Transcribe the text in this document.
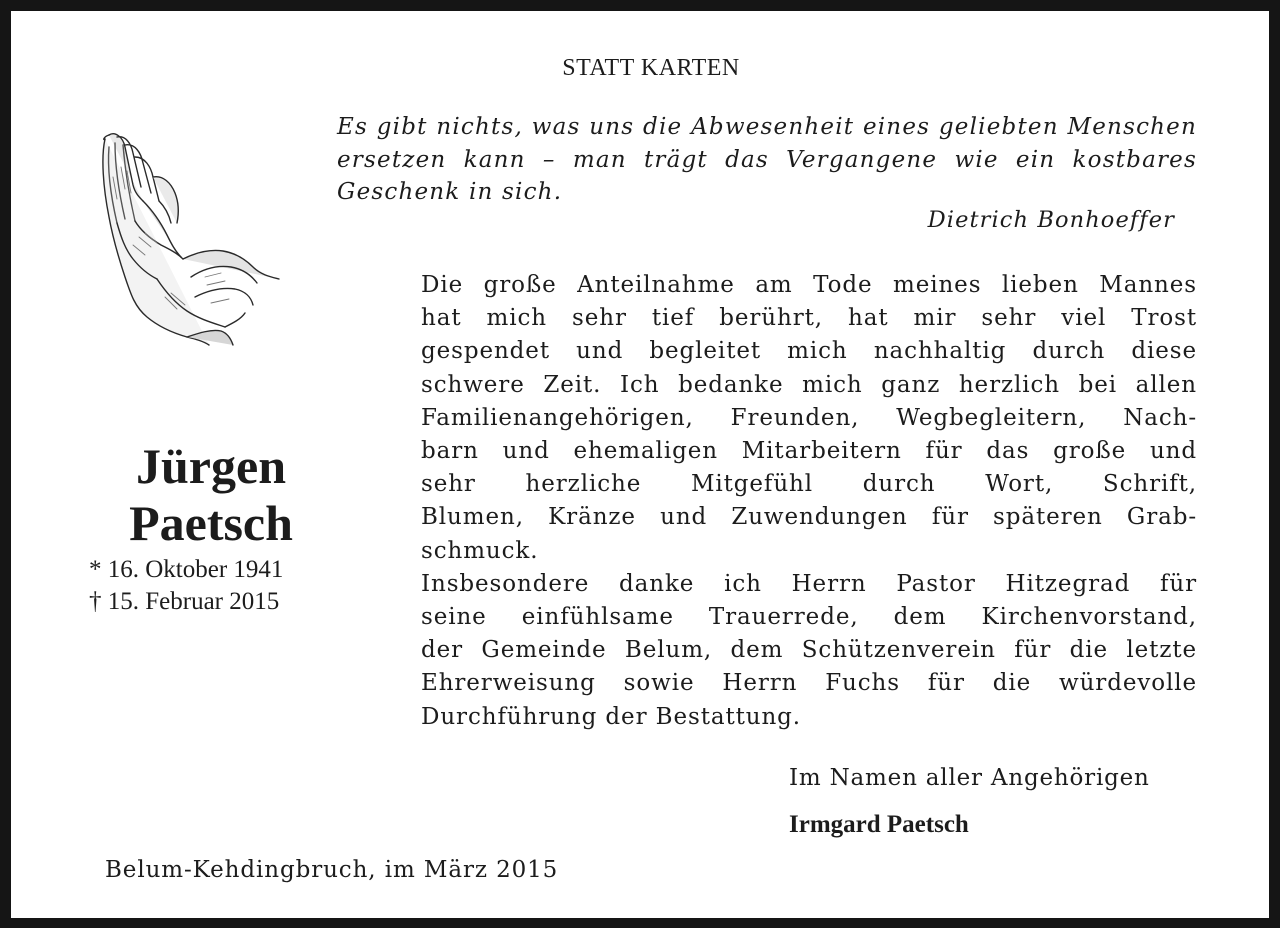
STATT KARTEN

Es gibt nichts, was uns die Abwesenheit eines geliebten Menschen ersetzen kann – man trägt das Vergangene wie ein kostbares Geschenk in sich.

Dietrich Bonhoeffer
Jürgen
Paetsch
* 16. Oktober 1941
† 15. Februar 2015

Die große Anteilnahme am Tode meines lieben Mannes
hat mich sehr tief berührt, hat mir sehr viel Trost
gespendet und begleitet mich nachhaltig durch diese
schwere Zeit. Ich bedanke mich ganz herzlich bei allen
Familienangehörigen, Freunden, Wegbegleitern, Nach-
barn und ehemaligen Mitarbeitern für das große und
sehr herzliche Mitgefühl durch Wort, Schrift,
Blumen, Kränze und Zuwendungen für späteren Grab-
schmuck.

Insbesondere danke ich Herrn Pastor Hitzegrad für
seine einfühlsame Trauerrede, dem Kirchenvorstand,
der Gemeinde Belum, dem Schützenverein für die letzte
Ehrerweisung sowie Herrn Fuchs für die würdevolle
Durchführung der Bestattung.

Im Namen aller Angehörigen
Irmgard Paetsch
Belum-Kehdingbruch, im März 2015
